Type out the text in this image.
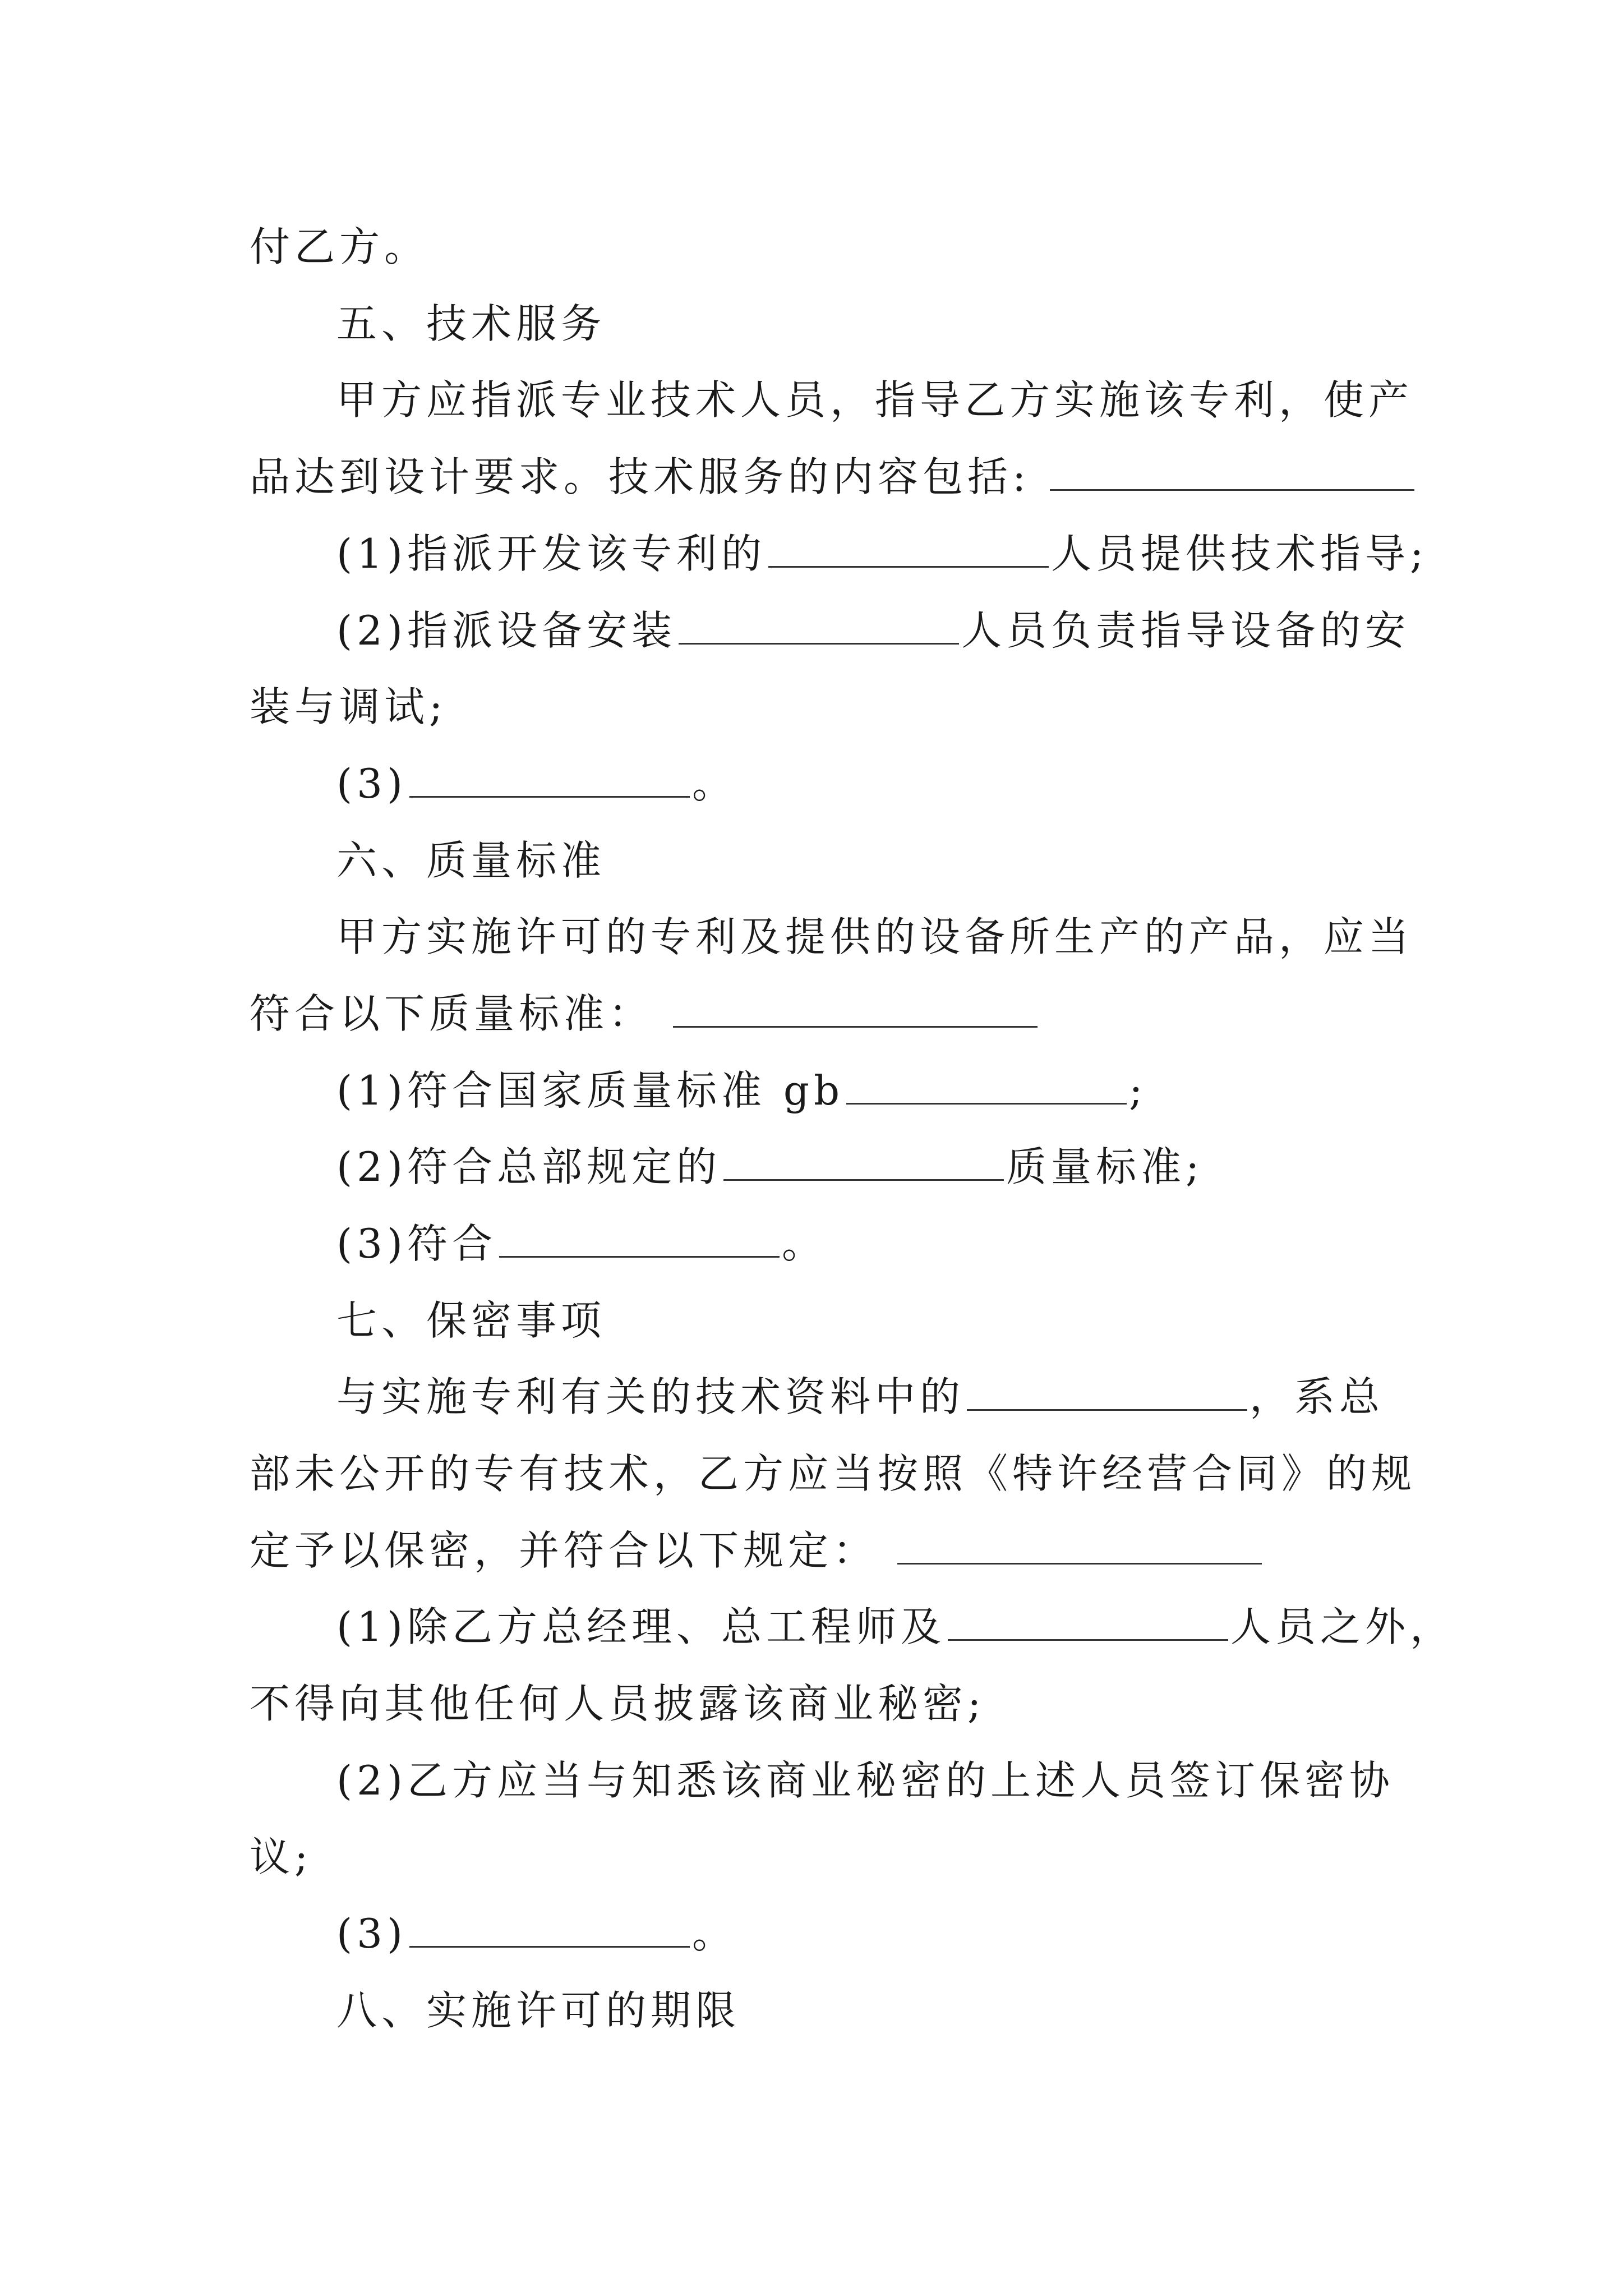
付乙方。
五、技术服务
甲方应指派专业技术人员，指导乙方实施该专利，使产
品达到设计要求。技术服务的内容包括:
(1)指派开发该专利的	人员提供技术指导;
(2)指派设备安装	人员负责指导设备的安
装与调试;
(3)	。
六、质量标准
甲方实施许可的专利及提供的设备所生产的产品，应当
符合以下质量标准：
(1)符合国家质量标准 gb	;
(2)符合总部规定的	质量标准;
(3)符合	。
七、保密事项
与实施专利有关的技术资料中的	，系总
部未公开的专有技术，乙方应当按照《特许经营合同》的规
定予以保密，并符合以下规定：
(1)除乙方总经理、总工程师及	人员之外，
不得向其他任何人员披露该商业秘密;
(2)乙方应当与知悉该商业秘密的上述人员签订保密协
议;
(3)	。
八、实施许可的期限
